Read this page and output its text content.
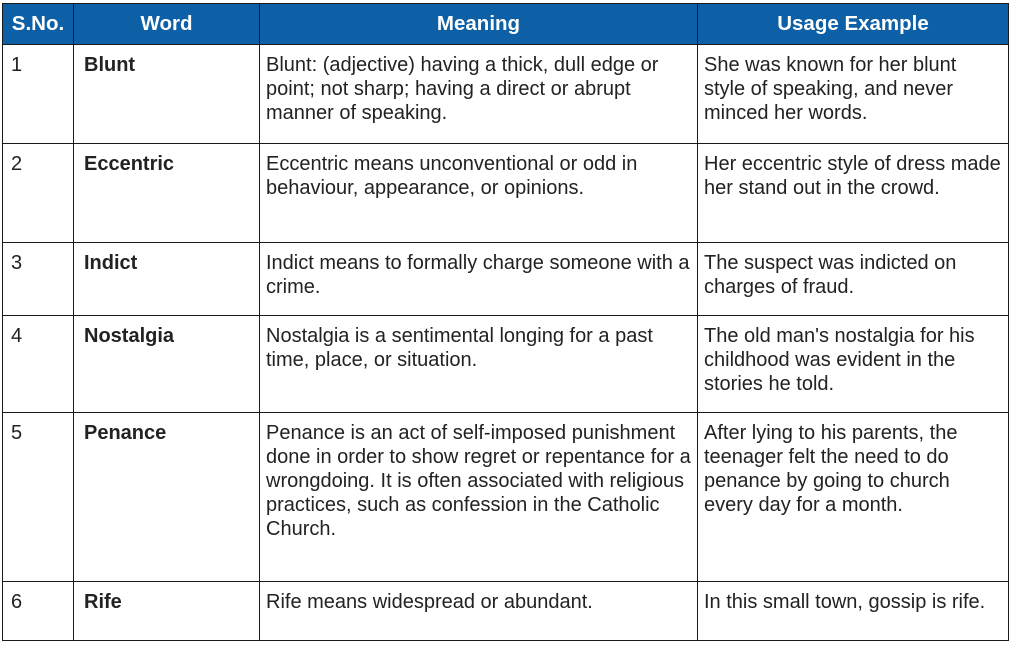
S.No.	Word	Meaning	Usage Example
1	Blunt	Blunt: (adjective) having a thick, dull edge or point; not sharp; having a direct or abrupt manner of speaking.	She was known for her blunt style of speaking, and never minced her words.
2	Eccentric	Eccentric means unconventional or odd in behaviour, appearance, or opinions.	Her eccentric style of dress made her stand out in the crowd.
3	Indict	Indict means to formally charge someone with a crime.	The suspect was indicted on charges of fraud.
4	Nostalgia	Nostalgia is a sentimental longing for a past time, place, or situation.	The old man's nostalgia for his childhood was evident in the stories he told.
5	Penance	Penance is an act of self-imposed punishment done in order to show regret or repentance for a wrongdoing. It is often associated with religious practices, such as confession in the Catholic Church.	After lying to his parents, the teenager felt the need to do penance by going to church every day for a month.
6	Rife	Rife means widespread or abundant.	In this small town, gossip is rife.
